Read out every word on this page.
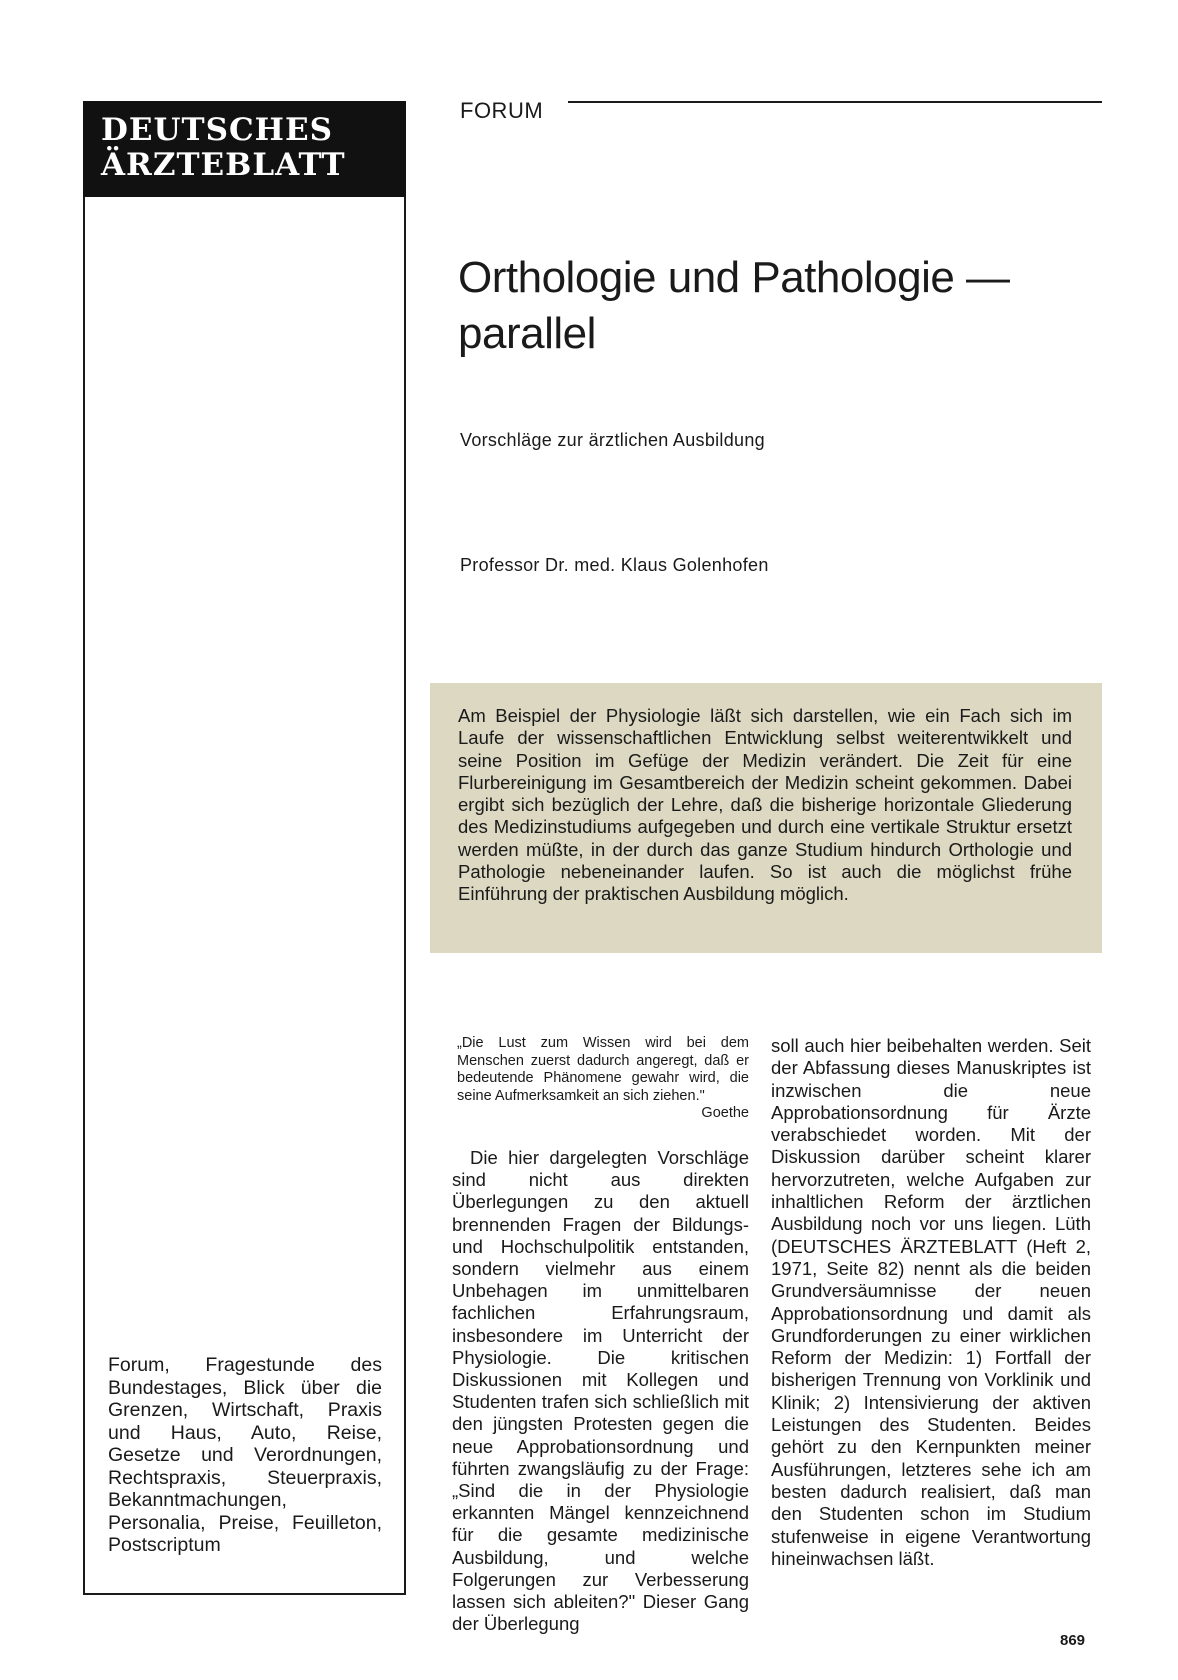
DEUTSCHES
ÄRZTEBLATT
Forum, Fragestunde des Bundestages, Blick über die Grenzen, Wirtschaft, Praxis und Haus, Auto, Reise, Gesetze und Verordnungen, Rechtspraxis, Steuerpraxis, Bekanntmachungen, Personalia, Preise, Feuilleton, Postscriptum
FORUM
Orthologie und Pathologie — parallel
Vorschläge zur ärztlichen Ausbildung
Professor Dr. med. Klaus Golenhofen
Am Beispiel der Physiologie läßt sich darstellen, wie ein Fach sich im Laufe der wissenschaftlichen Entwicklung selbst weiterentwikkelt und seine Position im Gefüge der Medizin verändert. Die Zeit für eine Flurbereinigung im Gesamtbereich der Medizin scheint gekommen. Dabei ergibt sich bezüglich der Lehre, daß die bisherige horizontale Gliederung des Medizinstudiums aufgegeben und durch eine vertikale Struktur ersetzt werden müßte, in der durch das ganze Studium hindurch Orthologie und Pathologie nebeneinander laufen. So ist auch die möglichst frühe Einführung der praktischen Ausbildung möglich.
„Die Lust zum Wissen wird bei dem Menschen zuerst dadurch angeregt, daß er bedeutende Phänomene gewahr wird, die seine Aufmerksamkeit an sich ziehen."
Goethe
Die hier dargelegten Vorschläge sind nicht aus direkten Überlegungen zu den aktuell brennenden Fragen der Bildungs- und Hochschulpolitik entstanden, sondern vielmehr aus einem Unbehagen im unmittelbaren fachlichen Erfahrungsraum, insbesondere im Unterricht der Physiologie. Die kritischen Diskussionen mit Kollegen und Studenten trafen sich schließlich mit den jüngsten Protesten gegen die neue Approbationsordnung und führten zwangsläufig zu der Frage: „Sind die in der Physiologie erkannten Mängel kennzeichnend für die gesamte medizinische Ausbildung, und welche Folgerungen zur Verbesserung lassen sich ableiten?" Dieser Gang der Überlegung
soll auch hier beibehalten werden. Seit der Abfassung dieses Manuskriptes ist inzwischen die neue Approbationsordnung für Ärzte verabschiedet worden. Mit der Diskussion darüber scheint klarer hervorzutreten, welche Aufgaben zur inhaltlichen Reform der ärztlichen Ausbildung noch vor uns liegen. Lüth (DEUTSCHES ÄRZTEBLATT (Heft 2, 1971, Seite 82) nennt als die beiden Grundversäumnisse der neuen Approbationsordnung und damit als Grundforderungen zu einer wirklichen Reform der Medizin: 1) Fortfall der bisherigen Trennung von Vorklinik und Klinik; 2) Intensivierung der aktiven Leistungen des Studenten. Beides gehört zu den Kernpunkten meiner Ausführungen, letzteres sehe ich am besten dadurch realisiert, daß man den Studenten schon im Studium stufenweise in eigene Verantwortung hineinwachsen läßt.
869
